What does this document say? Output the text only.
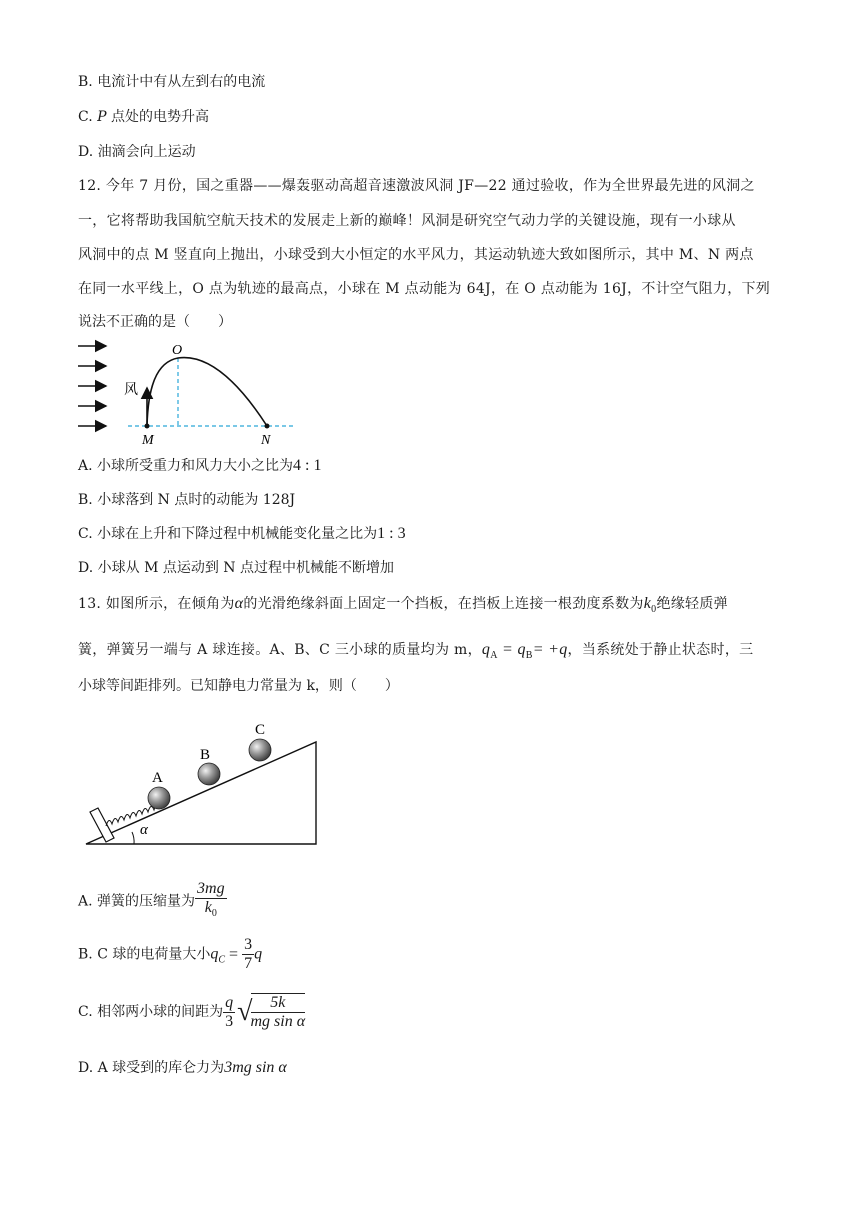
B. 电流计中有从左到右的电流
C. P 点处的电势升高
D. 油滴会向上运动
12. 今年 7 月份，国之重器——爆轰驱动高超音速激波风洞 JF—22 通过验收，作为全世界最先进的风洞之
一，它将帮助我国航空航天技术的发展走上新的巅峰！风洞是研究空气动力学的关键设施，现有一小球从
风洞中的点 M 竖直向上抛出，小球受到大小恒定的水平风力，其运动轨迹大致如图所示，其中 M、N 两点
在同一水平线上，O 点为轨迹的最高点，小球在 M 点动能为 64J，在 O 点动能为 16J，不计空气阻力，下列
说法不正确的是（　　）
风
O
M	N
A. 小球所受重力和风力大小之比为4 : 1
B. 小球落到 N 点时的动能为 128J
C. 小球在上升和下降过程中机械能变化量之比为1 : 3
D. 小球从 M 点运动到 N 点过程中机械能不断增加
13. 如图所示，在倾角为α的光滑绝缘斜面上固定一个挡板，在挡板上连接一根劲度系数为$k_0$绝缘轻质弹
簧，弹簧另一端与 A 球连接。A、B、C 三小球的质量均为 m，$q_A = q_B= +q$，当系统处于静止状态时，三
小球等间距排列。已知静电力常量为 k，则（　　）
A
B
C
α
A. 弹簧的压缩量为 $\frac{3mg}{k_0}$
B. C 球的电荷量大小$q_C = \frac{3}{7}$ q
C. 相邻两小球的间距为 $\frac{q}{3}$ √
$\frac{5k}{\text{mg sin α}}$
D. A 球受到的库仑力为3mg sin α
